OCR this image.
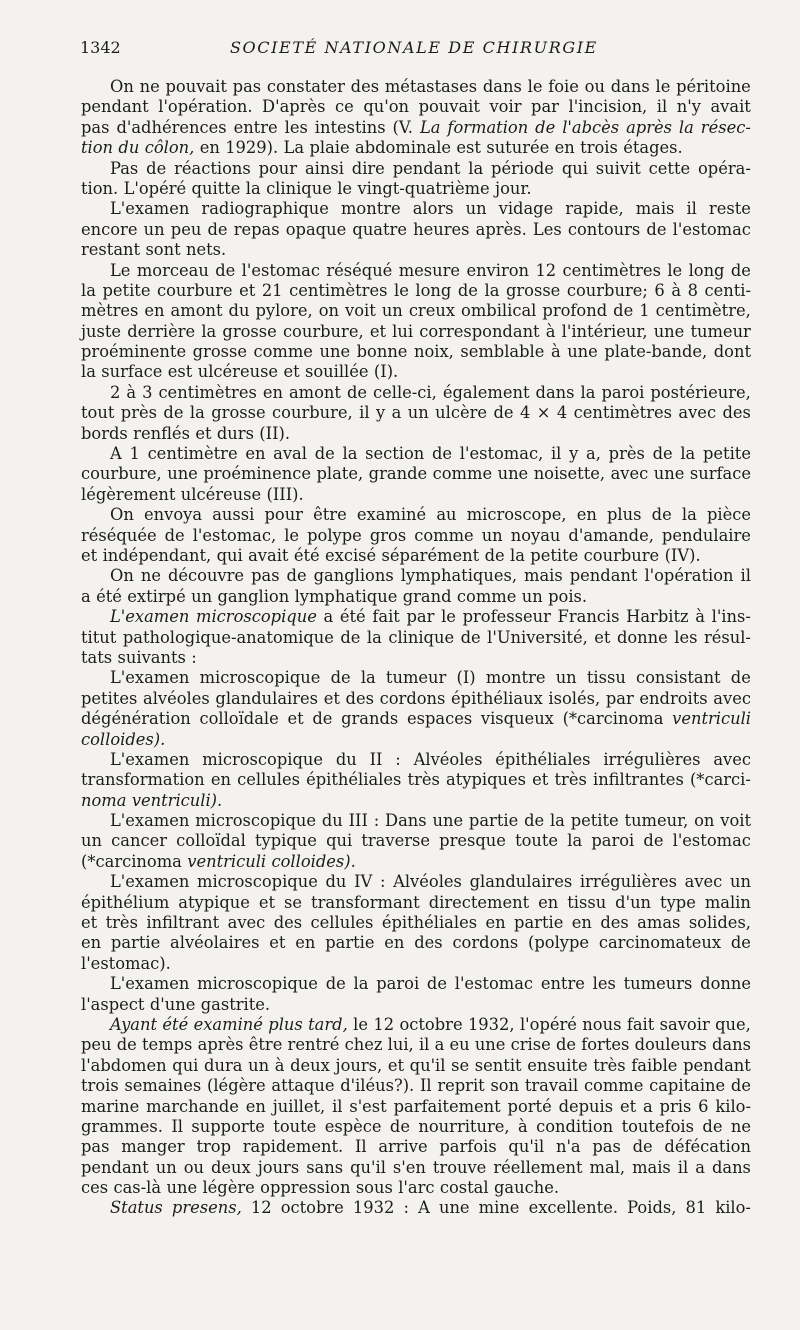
1342	SOCIETÉ NATIONALE DE CHIRURGIE
On ne pouvait pas constater des métastases dans le foie ou dans le péritoine
pendant l'opération. D'après ce qu'on pouvait voir par l'incision, il n'y avait
pas d'adhérences entre les intestins (V. La formation de l'abcès après la résec-
tion du côlon, en 1929). La plaie abdominale est suturée en trois étages.
Pas de réactions pour ainsi dire pendant la période qui suivit cette opéra-
tion. L'opéré quitte la clinique le vingt-quatrième jour.
L'examen radiographique montre alors un vidage rapide, mais il reste
encore un peu de repas opaque quatre heures après. Les contours de l'estomac
restant sont nets.
Le morceau de l'estomac réséqué mesure environ 12 centimètres le long de
la petite courbure et 21 centimètres le long de la grosse courbure; 6 à 8 centi-
mètres en amont du pylore, on voit un creux ombilical profond de 1 centimètre,
juste derrière la grosse courbure, et lui correspondant à l'intérieur, une tumeur
proéminente grosse comme une bonne noix, semblable à une plate-bande, dont
la surface est ulcéreuse et souillée (I).
2 à 3 centimètres en amont de celle-ci, également dans la paroi postérieure,
tout près de la grosse courbure, il y a un ulcère de 4 × 4 centimètres avec des
bords renflés et durs (II).
A 1 centimètre en aval de la section de l'estomac, il y a, près de la petite
courbure, une proéminence plate, grande comme une noisette, avec une surface
légèrement ulcéreuse (III).
On envoya aussi pour être examiné au microscope, en plus de la pièce
réséquée de l'estomac, le polype gros comme un noyau d'amande, pendulaire
et indépendant, qui avait été excisé séparément de la petite courbure (IV).
On ne découvre pas de ganglions lymphatiques, mais pendant l'opération il
a été extirpé un ganglion lymphatique grand comme un pois.
L'examen microscopique a été fait par le professeur Francis Harbitz à l'ins-
titut pathologique-anatomique de la clinique de l'Université, et donne les résul-
tats suivants :
L'examen microscopique de la tumeur (I) montre un tissu consistant de
petites alvéoles glandulaires et des cordons épithéliaux isolés, par endroits avec
dégénération colloïdale et de grands espaces visqueux (*carcinoma ventriculi
colloides).
L'examen microscopique du II : Alvéoles épithéliales irrégulières avec
transformation en cellules épithéliales très atypiques et très infiltrantes (*carci-
noma ventriculi).
L'examen microscopique du III : Dans une partie de la petite tumeur, on voit
un cancer colloïdal typique qui traverse presque toute la paroi de l'estomac
(*carcinoma ventriculi colloides).
L'examen microscopique du IV : Alvéoles glandulaires irrégulières avec un
épithélium atypique et se transformant directement en tissu d'un type malin
et très infiltrant avec des cellules épithéliales en partie en des amas solides,
en partie alvéolaires et en partie en des cordons (polype carcinomateux de
l'estomac).
L'examen microscopique de la paroi de l'estomac entre les tumeurs donne
l'aspect d'une gastrite.
Ayant été examiné plus tard, le 12 octobre 1932, l'opéré nous fait savoir que,
peu de temps après être rentré chez lui, il a eu une crise de fortes douleurs dans
l'abdomen qui dura un à deux jours, et qu'il se sentit ensuite très faible pendant
trois semaines (légère attaque d'iléus?). Il reprit son travail comme capitaine de
marine marchande en juillet, il s'est parfaitement porté depuis et a pris 6 kilo-
grammes. Il supporte toute espèce de nourriture, à condition toutefois de ne
pas manger trop rapidement. Il arrive parfois qu'il n'a pas de défécation
pendant un ou deux jours sans qu'il s'en trouve réellement mal, mais il a dans
ces cas-là une légère oppression sous l'arc costal gauche.
Status presens, 12 octobre 1932 : A une mine excellente. Poids, 81 kilo-
